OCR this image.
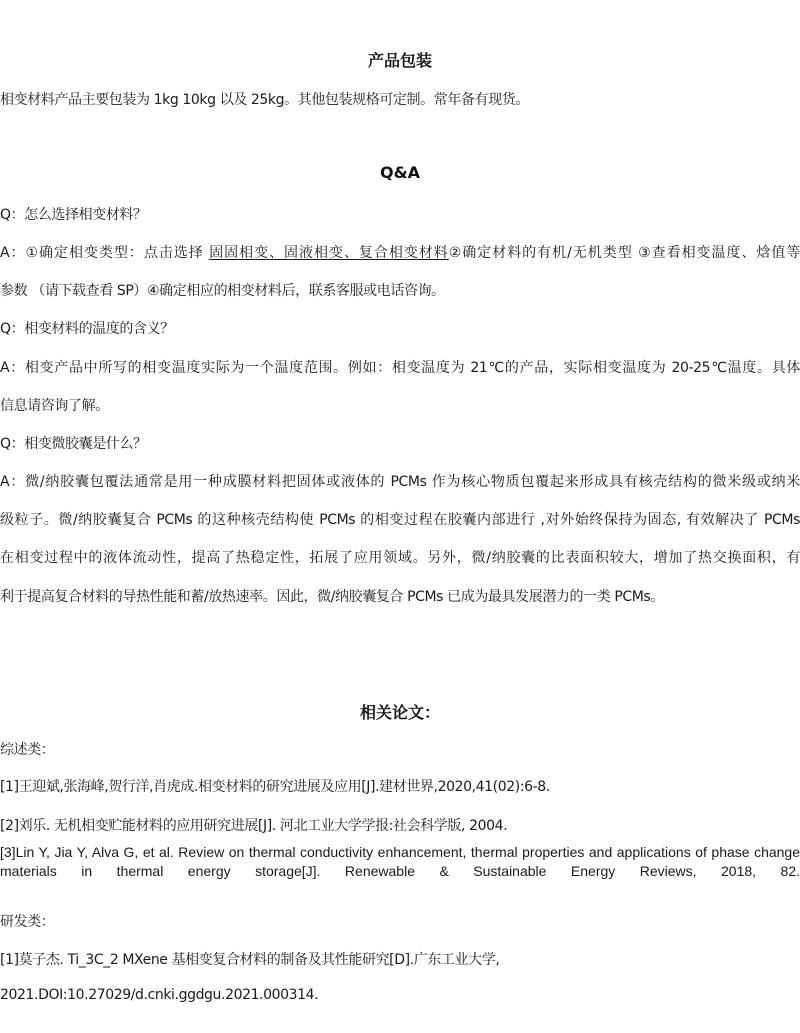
产品包装
相变材料产品主要包装为 1kg 10kg 以及 25kg。其他包装规格可定制。常年备有现货。
Q&A
Q：怎么选择相变材料？
A：①确定相变类型：点击选择 固固相变、固液相变、复合相变材料②确定材料的有机/无机类型 ③查看相变温度、焓值等
参数 （请下载查看 SP）④确定相应的相变材料后，联系客服或电话咨询。
Q：相变材料的温度的含义？
A：相变产品中所写的相变温度实际为一个温度范围。例如：相变温度为 21℃的产品，实际相变温度为 20-25℃温度。具体
信息请咨询了解。
Q：相变微胶囊是什么？
A：微/纳胶囊包覆法通常是用一种成膜材料把固体或液体的 PCMs 作为核心物质包覆起来形成具有核壳结构的微米级或纳米
级粒子。微/纳胶囊复合 PCMs 的这种核壳结构使 PCMs 的相变过程在胶囊内部进行 ,对外始终保持为固态, 有效解决了 PCMs
在相变过程中的液体流动性，提高了热稳定性，拓展了应用领域。另外，微/纳胶囊的比表面积较大，增加了热交换面积，有
利于提高复合材料的导热性能和蓄/放热速率。因此，微/纳胶囊复合 PCMs 已成为最具发展潜力的一类 PCMs。
相关论文：
综述类：
[1]王迎斌,张海峰,贺行洋,肖虎成.相变材料的研究进展及应用[J].建材世界,2020,41(02):6-8.
[2]刘乐. 无机相变贮能材料的应用研究进展[J]. 河北工业大学学报:社会科学版, 2004.
[3]Lin Y, Jia Y, Alva G, et al. Review on thermal conductivity enhancement, thermal properties and applications of phase change materials in thermal energy storage[J]. Renewable & Sustainable Energy Reviews, 2018, 82.
研发类：
[1]莫子杰. Ti_3C_2 MXene 基相变复合材料的制备及其性能研究[D].广东工业大学,
2021.DOI:10.27029/d.cnki.ggdgu.2021.000314.
